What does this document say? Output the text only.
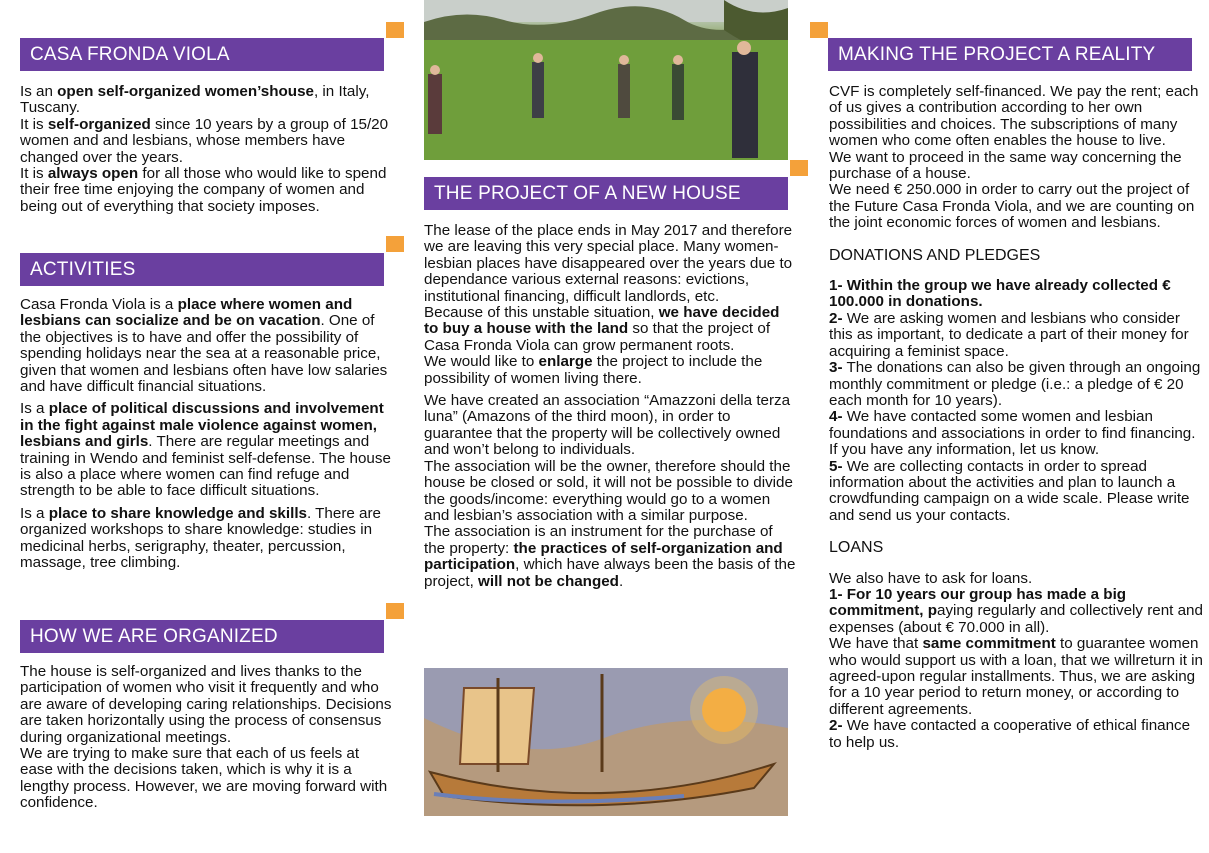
CASA FRONDA VIOLA

Is an open self-organized women’shouse, in Italy, Tuscany.

It is self-organized since 10 years by a group of 15/20 women and and lesbians, whose members have changed over the years.

It is always open for all those who would like to spend their free time enjoying the company of women and being out of everything that society imposes.

ACTIVITIES

Casa Fronda Viola is a place where women and lesbians can socialize and be on vacation. One of the objectives is to have and offer the possibility of spending holidays near the sea at a reasonable price, given that women and lesbians often have low salaries and have difficult financial situations.

Is a place of political discussions and involvement in the fight against male violence against women, lesbians and girls. There are regular meetings and training in Wendo and feminist self-defense. The house is also a place where women can find refuge and strength to be able to face difficult situations.

Is a place to share knowledge and skills. There are organized workshops to share knowledge: studies in medicinal herbs, serigraphy, theater, percussion, massage, tree climbing.

HOW WE ARE ORGANIZED

The house is self-organized and lives thanks to the participation of women who visit it frequently and who are aware of developing caring relationships. Decisions are taken horizontally using the process of consensus during organizational meetings.

We are trying to make sure that each of us feels at ease with the decisions taken, which is why it is a lengthy process. However, we are moving forward with confidence.

THE PROJECT OF A NEW HOUSE

The lease of the place ends in May 2017 and therefore we are leaving this very special place. Many women-lesbian places have disappeared over the years due to dependance various external reasons: evictions, institutional financing, difficult landlords, etc.

Because of this unstable situation, we have decided to buy a house with the land so that the project of Casa Fronda Viola can grow permanent roots.

We would like to enlarge the project to include the possibility of women living there.

We have created an association “Amazzoni della terza luna” (Amazons of the third moon), in order to guarantee that the property will be collectively owned and won’t belong to individuals.

The association will be the owner, therefore should the house be closed or sold, it will not be possible to divide the goods/income: everything would go to a women and lesbian’s association with a similar purpose.

The association is an instrument for the purchase of the property: the practices of self-organization and participation, which have always been the basis of the project, will not be changed.

MAKING THE PROJECT A REALITY

CVF is completely self-financed. We pay the rent; each of us gives a contribution according to her own possibilities and choices. The subscriptions of many women who come often enables the house to live.

We want to proceed in the same way concerning the purchase of a house.

We need € 250.000 in order to carry out the project of the Future Casa Fronda Viola, and we are counting on the joint economic forces of women and lesbians.

DONATIONS AND PLEDGES

1- Within the group we have already collected € 100.000 in donations.

2- We are asking women and lesbians who consider this as important, to dedicate a part of their money for acquiring a feminist space.

3- The donations can also be given through an ongoing monthly commitment or pledge (i.e.: a pledge of € 20 each month for 10 years).

4- We have contacted some women and lesbian foundations and associations in order to find financing. If you have any information, let us know.

5- We are collecting contacts in order to spread information about the activities and plan to launch a crowdfunding campaign on a wide scale. Please write and send us your contacts.

LOANS

We also have to ask for loans.

1- For 10 years our group has made a big commitment, paying regularly and collectively rent and expenses (about € 70.000 in all).

We have that same commitment to guarantee women who would support us with a loan, that we willreturn it in agreed-upon regular installments. Thus, we are asking for a 10 year period to return money, or according to different agreements.

2- We have contacted a cooperative of ethical finance to help us.
